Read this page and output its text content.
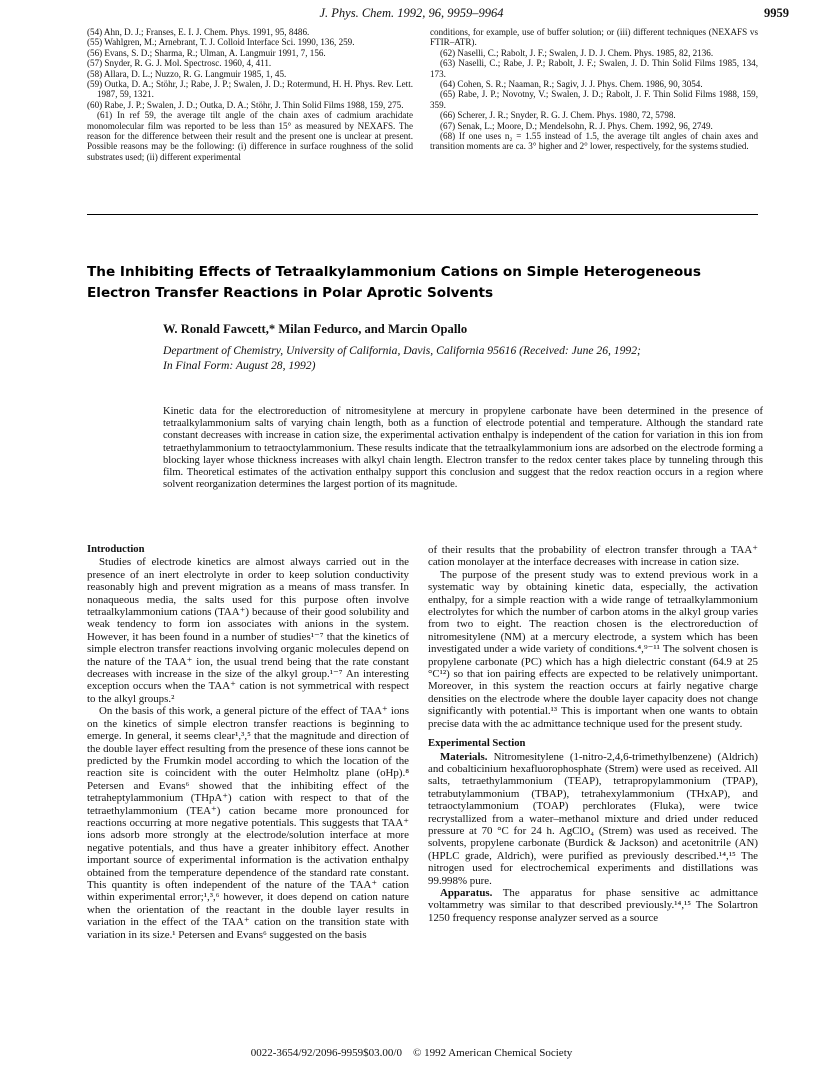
J. Phys. Chem. 1992, 96, 9959–9964	9959

(54) Ahn, D. J.; Franses, E. I. J. Chem. Phys. 1991, 95, 8486.

(55) Wahlgren, M.; Arnebrant, T. J. Colloid Interface Sci. 1990, 136, 259.

(56) Evans, S. D.; Sharma, R.; Ulman, A. Langmuir 1991, 7, 156.

(57) Snyder, R. G. J. Mol. Spectrosc. 1960, 4, 411.

(58) Allara, D. L.; Nuzzo, R. G. Langmuir 1985, 1, 45.

(59) Outka, D. A.; Stöhr, J.; Rabe, J. P.; Swalen, J. D.; Rotermund, H. H. Phys. Rev. Lett. 1987, 59, 1321.

(60) Rabe, J. P.; Swalen, J. D.; Outka, D. A.; Stöhr, J. Thin Solid Films 1988, 159, 275.

(61) In ref 59, the average tilt angle of the chain axes of cadmium arachidate monomolecular film was reported to be less than 15° as measured by NEXAFS. The reason for the difference between their result and the present one is unclear at present. Possible reasons may be the following: (i) difference in surface roughness of the solid substrates used; (ii) different experimental

conditions, for example, use of buffer solution; or (iii) different techniques (NEXAFS vs FTIR–ATR).

(62) Naselli, C.; Rabolt, J. F.; Swalen, J. D. J. Chem. Phys. 1985, 82, 2136.

(63) Naselli, C.; Rabe, J. P.; Rabolt, J. F.; Swalen, J. D. Thin Solid Films 1985, 134, 173.

(64) Cohen, S. R.; Naaman, R.; Sagiv, J. J. Phys. Chem. 1986, 90, 3054.

(65) Rabe, J. P.; Novotny, V.; Swalen, J. D.; Rabolt, J. F. Thin Solid Films 1988, 159, 359.

(66) Scherer, J. R.; Snyder, R. G. J. Chem. Phys. 1980, 72, 5798.

(67) Senak, L.; Moore, D.; Mendelsohn, R. J. Phys. Chem. 1992, 96, 2749.

(68) If one uses n₂ = 1.55 instead of 1.5, the average tilt angles of chain axes and transition moments are ca. 3° higher and 2° lower, respectively, for the systems studied.

The Inhibiting Effects of Tetraalkylammonium Cations on Simple Heterogeneous Electron Transfer Reactions in Polar Aprotic Solvents
W. Ronald Fawcett,* Milan Fedurco, and Marcin Opallo
Department of Chemistry, University of California, Davis, California 95616 (Received: June 26, 1992;
In Final Form: August 28, 1992)
Kinetic data for the electroreduction of nitromesitylene at mercury in propylene carbonate have been determined in the presence of tetraalkylammonium salts of varying chain length, both as a function of electrode potential and temperature. Although the standard rate constant decreases with increase in cation size, the experimental activation enthalpy is independent of the cation for variation in this ion from tetraethylammonium to tetraoctylammonium. These results indicate that the tetraalkylammonium ions are adsorbed on the electrode forming a blocking layer whose thickness increases with alkyl chain length. Electron transfer to the redox center takes place by tunneling through this film. Theoretical estimates of the activation enthalpy support this conclusion and suggest that the redox reaction occurs in a region where solvent reorganization determines the largest portion of its magnitude.
Introduction

Studies of electrode kinetics are almost always carried out in the presence of an inert electrolyte in order to keep solution conductivity reasonably high and prevent migration as a means of mass transfer. In nonaqueous media, the salts used for this purpose often involve tetraalkylammonium cations (TAA⁺) because of their good solubility and weak tendency to form ion associates with anions in the system. However, it has been found in a number of studies¹⁻⁷ that the kinetics of simple electron transfer reactions involving organic molecules depend on the nature of the TAA⁺ ion, the usual trend being that the rate constant decreases with increase in the size of the alkyl group.¹⁻⁷ An interesting exception occurs when the TAA⁺ cation is not symmetrical with respect to the alkyl groups.²

On the basis of this work, a general picture of the effect of TAA⁺ ions on the kinetics of simple electron transfer reactions is beginning to emerge. In general, it seems clear¹,³,⁵ that the magnitude and direction of the double layer effect resulting from the presence of these ions cannot be predicted by the Frumkin model according to which the location of the reaction site is coincident with the outer Helmholtz plane (oHp).⁸ Petersen and Evans⁶ showed that the inhibiting effect of the tetraheptylammonium (THpA⁺) cation with respect to that of the tetraethylammonium (TEA⁺) cation became more pronounced for reactions occurring at more negative potentials. This suggests that TAA⁺ ions adsorb more strongly at the electrode/solution interface at more negative potentials, and thus have a greater inhibitory effect. Another important source of experimental information is the activation enthalpy obtained from the temperature dependence of the standard rate constant. This quantity is often independent of the nature of the TAA⁺ cation within experimental error;¹,³,⁶ however, it does depend on cation nature when the orientation of the reactant in the double layer results in variation in the effect of the TAA⁺ cation on the transition state with variation in its size.¹ Petersen and Evans⁶ suggested on the basis

of their results that the probability of electron transfer through a TAA⁺ cation monolayer at the interface decreases with increase in cation size.

The purpose of the present study was to extend previous work in a systematic way by obtaining kinetic data, especially, the activation enthalpy, for a simple reaction with a wide range of tetraalkylammonium electrolytes for which the number of carbon atoms in the alkyl group varies from two to eight. The reaction chosen is the electroreduction of nitromesitylene (NM) at a mercury electrode, a system which has been investigated under a wide variety of conditions.⁴,⁹⁻¹¹ The solvent chosen is propylene carbonate (PC) which has a high dielectric constant (64.9 at 25 °C¹²) so that ion pairing effects are expected to be relatively unimportant. Moreover, in this system the reaction occurs at fairly negative charge densities on the electrode where the double layer capacity does not change significantly with potential.¹³ This is important when one wants to obtain precise data with the ac admittance technique used for the present study.

Experimental Section

Materials. Nitromesitylene (1-nitro-2,4,6-trimethylbenzene) (Aldrich) and cobalticinium hexafluorophosphate (Strem) were used as received. All salts, tetraethylammonium (TEAP), tetrapropylammonium (TPAP), tetrabutylammonium (TBAP), tetrahexylammonium (THxAP), and tetraoctylammonium (TOAP) perchlorates (Fluka), were twice recrystallized from a water–methanol mixture and dried under reduced pressure at 70 °C for 24 h. AgClO₄ (Strem) was used as received. The solvents, propylene carbonate (Burdick & Jackson) and acetonitrile (AN) (HPLC grade, Aldrich), were purified as previously described.¹⁴,¹⁵ The nitrogen used for electrochemical experiments and distillations was 99.998% pure.

Apparatus. The apparatus for phase sensitive ac admittance voltammetry was similar to that described previously.¹⁴,¹⁵ The Solartron 1250 frequency response analyzer served as a source

0022-3654/92/2096-9959$03.00/0 © 1992 American Chemical Society
